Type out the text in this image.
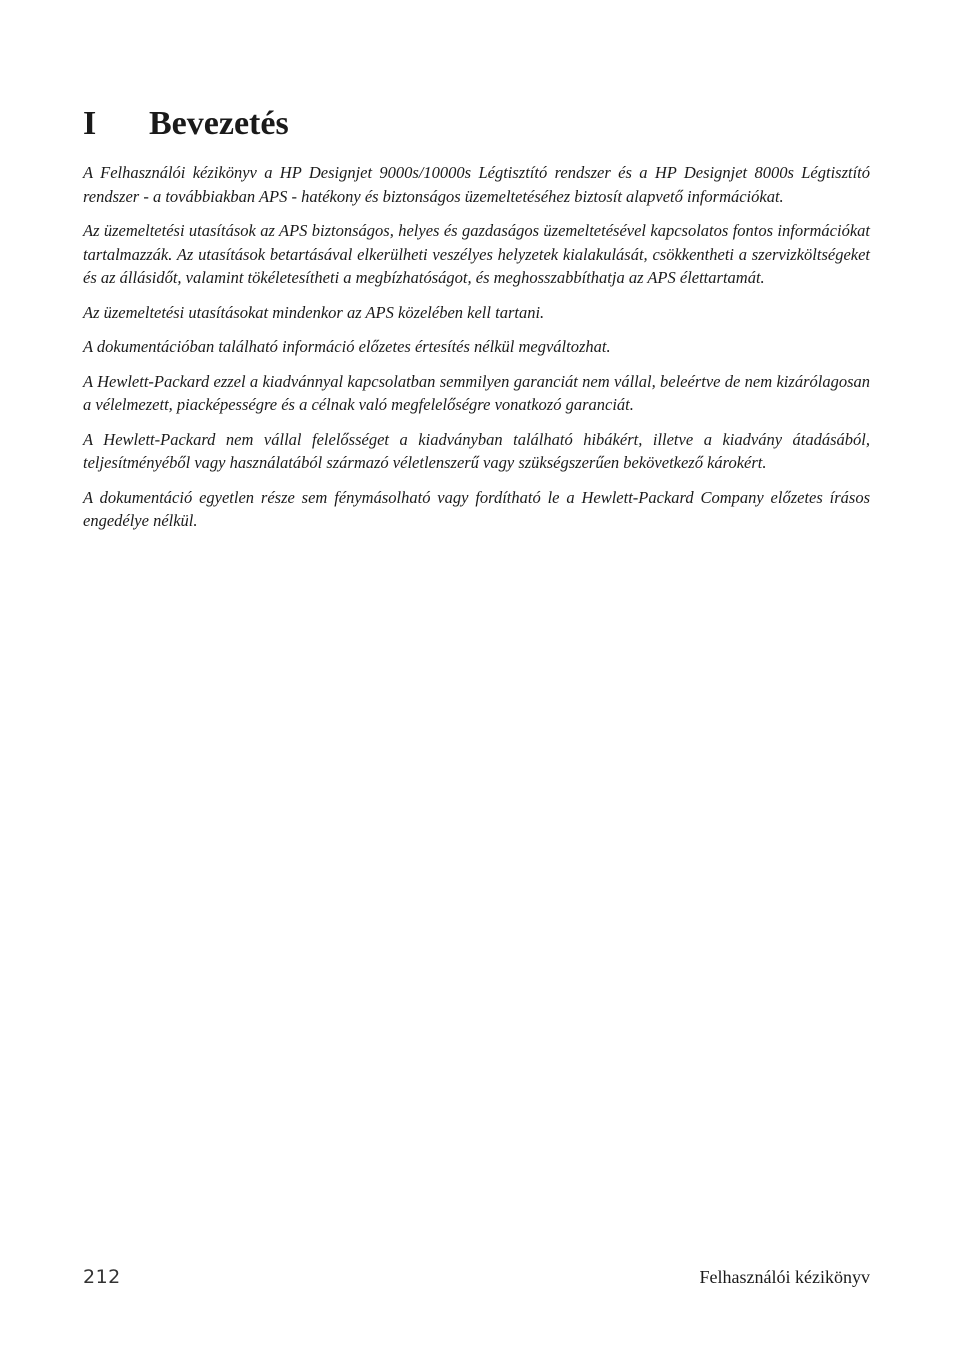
I Bevezetés

A Felhasználói kézikönyv a HP Designjet 9000s/10000s Légtisztító rendszer és a HP Designjet 8000s Légtisztító rendszer - a továbbiakban APS - hatékony és biztonságos üzemeltetéséhez biztosít alapvető információkat.

Az üzemeltetési utasítások az APS biztonságos, helyes és gazdaságos üzemeltetésével kapcsolatos fontos információkat tartalmazzák. Az utasítások betartásával elkerülheti veszélyes helyzetek kialakulását, csökkentheti a szervizköltségeket és az állásidőt, valamint tökéletesítheti a megbízhatóságot, és meghosszabbíthatja az APS élettartamát.

Az üzemeltetési utasításokat mindenkor az APS közelében kell tartani.

A dokumentációban található információ előzetes értesítés nélkül megváltozhat.

A Hewlett-Packard ezzel a kiadvánnyal kapcsolatban semmilyen garanciát nem vállal, beleértve de nem kizárólagosan a vélelmezett, piacképességre és a célnak való megfelelőségre vonatkozó garanciát.

A Hewlett-Packard nem vállal felelősséget a kiadványban található hibákért, illetve a kiadvány átadásából, teljesítményéből vagy használatából származó véletlenszerű vagy szükségszerűen bekövetkező károkért.

A dokumentáció egyetlen része sem fénymásolható vagy fordítható le a Hewlett-Packard Company előzetes írásos engedélye nélkül.

212	Felhasználói kézikönyv
